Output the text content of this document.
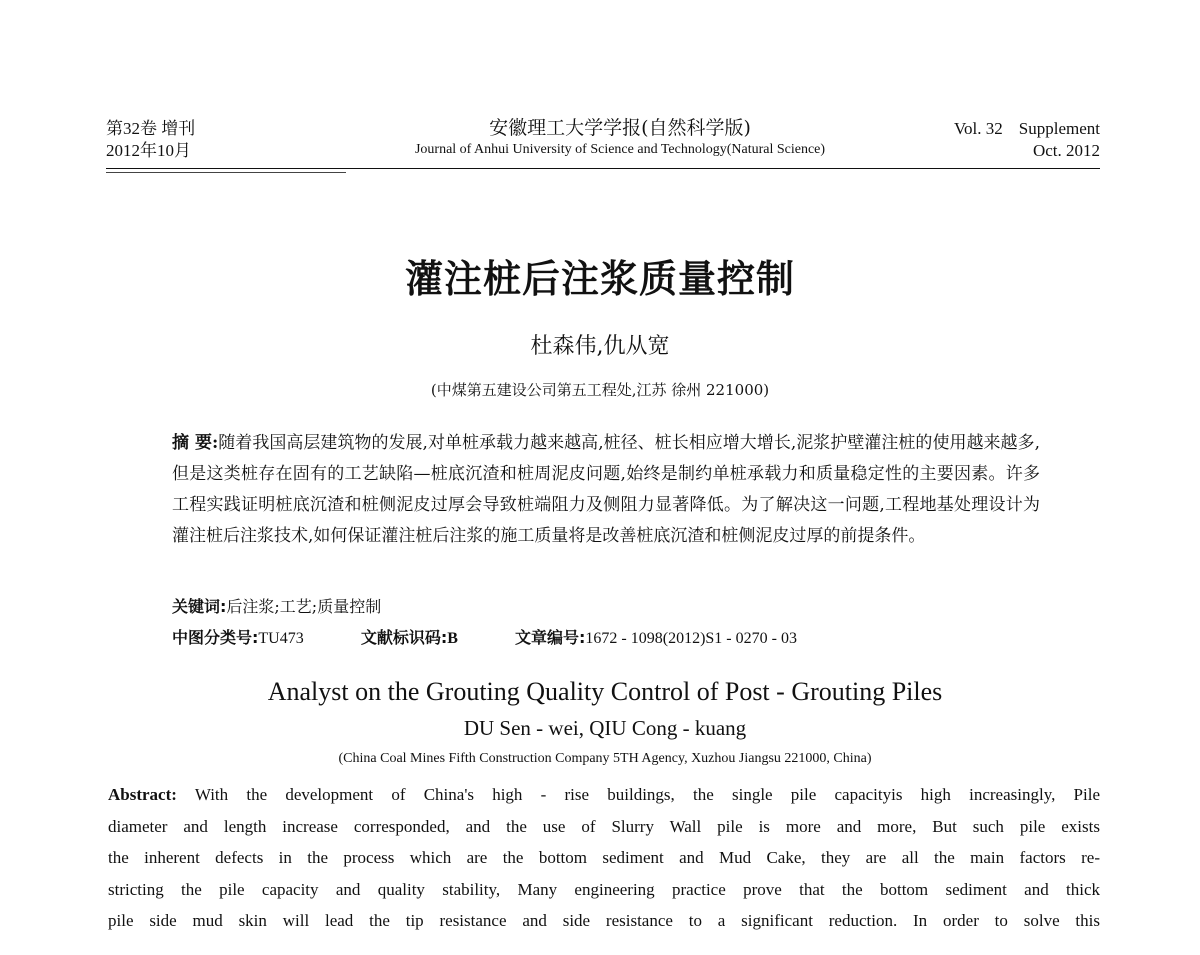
第32卷 增刊
2012年10月
安徽理工大学学报(自然科学版)
Journal of Anhui University of Science and Technology(Natural Science)
Vol. 32 Supplement
Oct. 2012
灌注桩后注浆质量控制
杜森伟,仇从宽
(中煤第五建设公司第五工程处,江苏 徐州 221000)
摘 要:随着我国高层建筑物的发展,对单桩承载力越来越高,桩径、桩长相应增大增长,泥浆护壁灌注桩的使用越来越多,但是这类桩存在固有的工艺缺陷—桩底沉渣和桩周泥皮问题,始终是制约单桩承载力和质量稳定性的主要因素。许多工程实践证明桩底沉渣和桩侧泥皮过厚会导致桩端阻力及侧阻力显著降低。为了解决这一问题,工程地基处理设计为灌注桩后注浆技术,如何保证灌注桩后注浆的施工质量将是改善桩底沉渣和桩侧泥皮过厚的前提条件。
关键词:后注浆;工艺;质量控制
中图分类号:TU473	文献标识码:B	文章编号:1672 - 1098(2012)S1 - 0270 - 03
Analyst on the Grouting Quality Control of Post - Grouting Piles
DU Sen - wei, QIU Cong - kuang
(China Coal Mines Fifth Construction Company 5TH Agency, Xuzhou Jiangsu 221000, China)
Abstract: With the development of China's high - rise buildings, the single pile capacityis high increasingly, Pile
diameter and length increase corresponded, and the use of Slurry Wall pile is more and more, But such pile exists
the inherent defects in the process which are the bottom sediment and Mud Cake, they are all the main factors re-
stricting the pile capacity and quality stability, Many engineering practice prove that the bottom sediment and thick
pile side mud skin will lead the tip resistance and side resistance to a significant reduction. In order to solve this
